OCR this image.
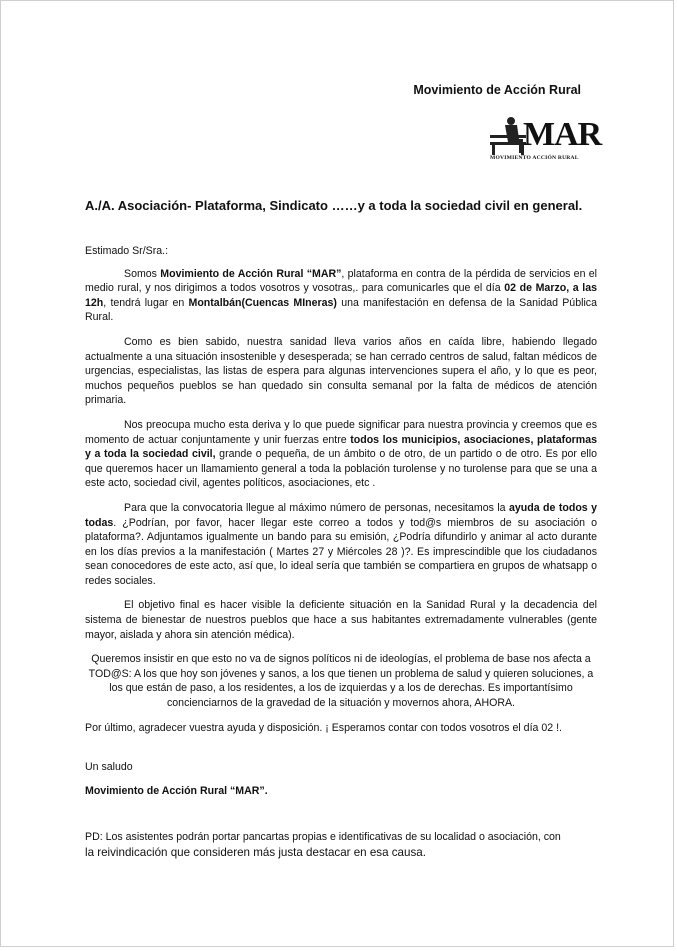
Movimiento de Acción Rural
MAR
MOVIMIENTO ACCIÓN RURAL
A./A. Asociación- Plataforma, Sindicato ……y a toda la sociedad civil en general.

Estimado Sr/Sra.:

Somos Movimiento de Acción Rural “MAR”, plataforma en contra de la pérdida de servicios en el medio rural, y nos dirigimos a todos vosotros y vosotras,. para comunicarles que el día 02 de Marzo, a las 12h, tendrá lugar en Montalbán(Cuencas MIneras) una manifestación en defensa de la Sanidad Pública Rural.

Como es bien sabido, nuestra sanidad lleva varios años en caída libre, habiendo llegado actualmente a una situación insostenible y desesperada; se han cerrado centros de salud, faltan médicos de urgencias, especialistas, las listas de espera para algunas intervenciones supera el año, y lo que es peor, muchos pequeños pueblos se han quedado sin consulta semanal por la falta de médicos de atención primaria.

Nos preocupa mucho esta deriva y lo que puede significar para nuestra provincia y creemos que es momento de actuar conjuntamente y unir fuerzas entre todos los municipios, asociaciones, plataformas y a toda la sociedad civil, grande o pequeña, de un ámbito o de otro, de un partido o de otro. Es por ello que queremos hacer un llamamiento general a toda la población turolense y no turolense para que se una a este acto, sociedad civil, agentes políticos, asociaciones, etc .

Para que la convocatoria llegue al máximo número de personas, necesitamos la ayuda de todos y todas. ¿Podrían, por favor, hacer llegar este correo a todos y tod@s miembros de su asociación o plataforma?. Adjuntamos igualmente un bando para su emisión, ¿Podría difundirlo y animar al acto durante en los días previos a la manifestación ( Martes 27 y Miércoles 28 )?. Es imprescindible que los ciudadanos sean conocedores de este acto, así que, lo ideal sería que también se compartiera en grupos de whatsapp o redes sociales.

El objetivo final es hacer visible la deficiente situación en la Sanidad Rural y la decadencia del sistema de bienestar de nuestros pueblos que hace a sus habitantes extremadamente vulnerables (gente mayor, aislada y ahora sin atención médica).

Queremos insistir en que esto no va de signos políticos ni de ideologías, el problema de base nos afecta a TOD@S: A los que hoy son jóvenes y sanos, a los que tienen un problema de salud y quieren soluciones, a los que están de paso, a los residentes, a los de izquierdas y a los de derechas. Es importantísimo concienciarnos de la gravedad de la situación y movernos ahora, AHORA.

Por último, agradecer vuestra ayuda y disposición. ¡ Esperamos contar con todos vosotros el día 02 !.

Un saludo
Movimiento de Acción Rural “MAR”.
PD: Los asistentes podrán portar pancartas propias e identificativas de su localidad o asociación, con
la reivindicación que consideren más justa destacar en esa causa.
